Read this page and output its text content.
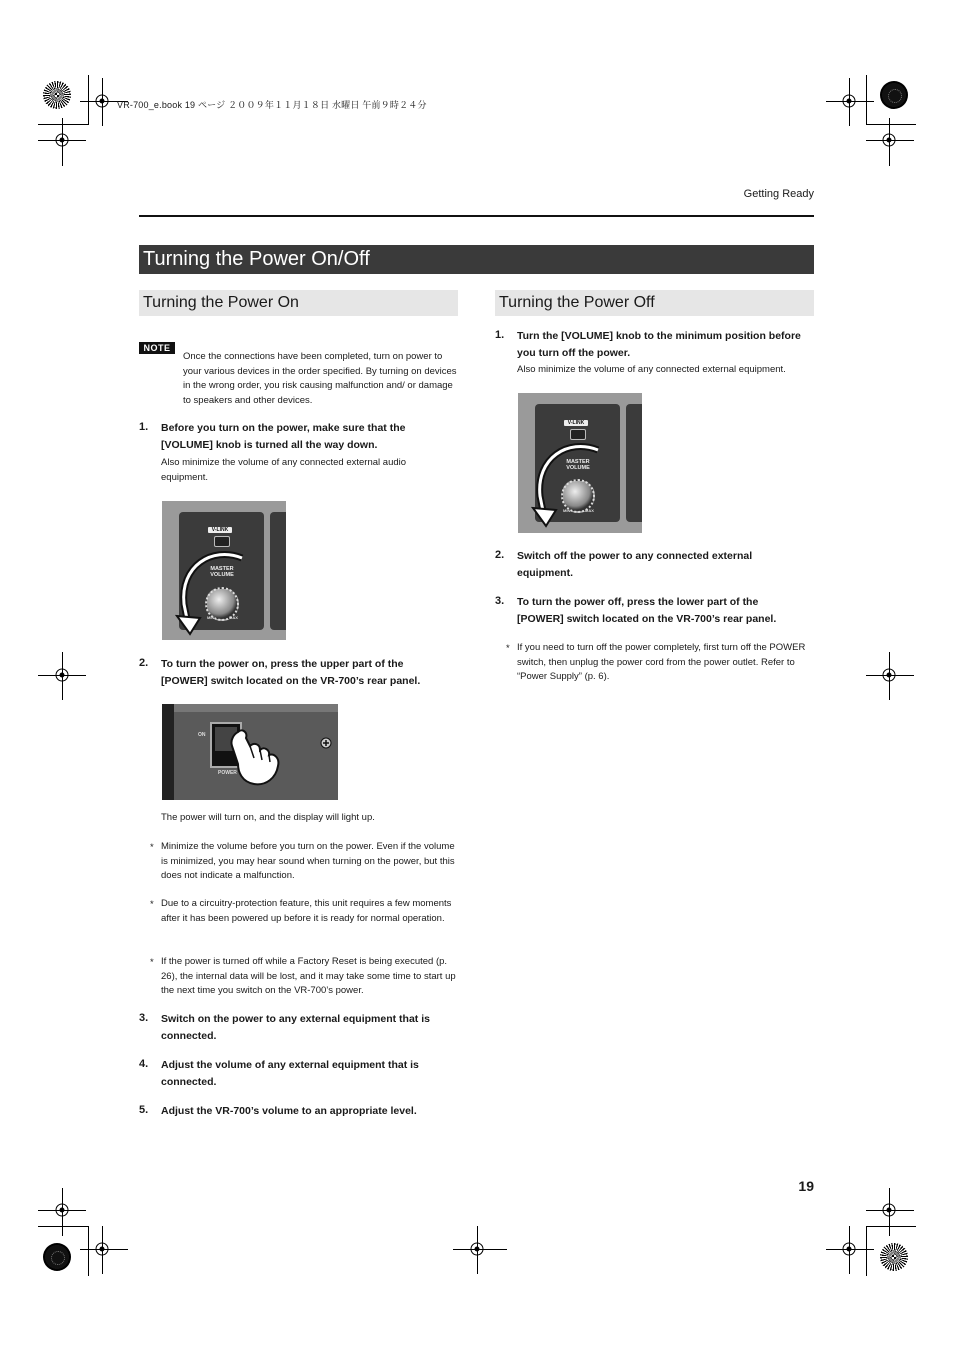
VR-700_e.book 19 ページ ２００９年１１月１８日 水曜日 午前９時２４分
Getting Ready
Turning the Power On/Off
Turning the Power On
NOTE
Once the connections have been completed, turn on power to your various devices in the order specified. By turning on devices in the wrong order, you risk causing malfunction and/ or damage to speakers and other devices.
1. Before you turn on the power, make sure that the [VOLUME] knob is turned all the way down.
Also minimize the volume of any connected external audio equipment.
V-LINK
MASTER VOLUME
MIN	MAX
2. To turn the power on, press the upper part of the [POWER] switch located on the VR-700’s rear panel.
ON
POWER
The power will turn on, and the display will light up.
* Minimize the volume before you turn on the power. Even if the volume is minimized, you may hear sound when turning on the power, but this does not indicate a malfunction.
* Due to a circuitry-protection feature, this unit requires a few moments after it has been powered up before it is ready for normal operation.
* If the power is turned off while a Factory Reset is being executed (p. 26), the internal data will be lost, and it may take some time to start up the next time you switch on the VR-700’s power.
3. Switch on the power to any external equipment that is connected.
4. Adjust the volume of any external equipment that is connected.
5. Adjust the VR-700’s volume to an appropriate level.
Turning the Power Off
1. Turn the [VOLUME] knob to the minimum position before you turn off the power.
Also minimize the volume of any connected external equipment.
V-LINK
MASTER VOLUME
MIN	MAX
2. Switch off the power to any connected external equipment.
3. To turn the power off, press the lower part of the [POWER] switch located on the VR-700’s rear panel.
* If you need to turn off the power completely, first turn off the POWER switch, then unplug the power cord from the power outlet. Refer to “Power Supply” (p. 6).
19
